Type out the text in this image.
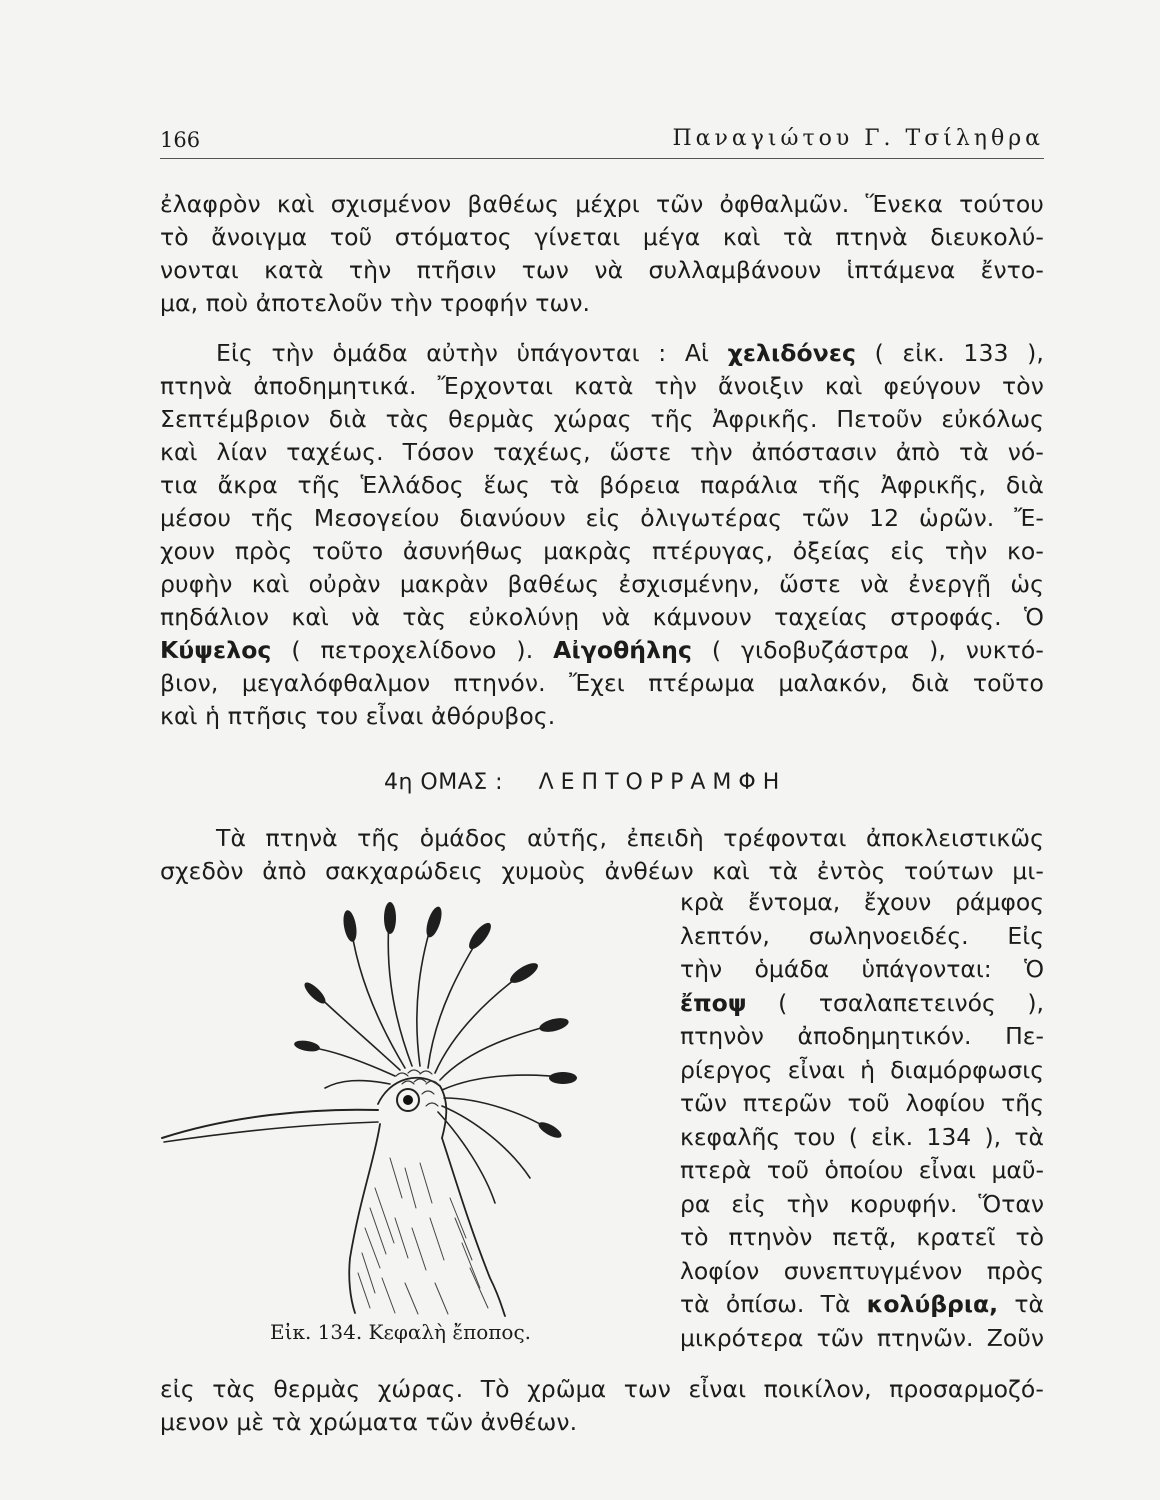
166	Παναγιώτου Γ. Τσίληθρα
ἐλαφρὸν καὶ σχισμένον βαθέως μέχρι τῶν ὀφθαλμῶν. Ἕνεκα τούτου
τὸ ἄνοιγμα τοῦ στόματος γίνεται μέγα καὶ τὰ πτηνὰ διευκολύ-
νονται κατὰ τὴν πτῆσιν των νὰ συλλαμβάνουν ἱπτάμενα ἔντο-
μα, ποὺ ἀποτελοῦν τὴν τροφήν των.
Εἰς τὴν ὁμάδα αὐτὴν ὑπάγονται : Αἱ χελιδόνες ( εἰκ. 133 ),
πτηνὰ ἀποδημητικά. Ἔρχονται κατὰ τὴν ἄνοιξιν καὶ φεύγουν τὸν
Σεπτέμβριον διὰ τὰς θερμὰς χώρας τῆς Ἀφρικῆς. Πετοῦν εὐκόλως
καὶ λίαν ταχέως. Τόσον ταχέως, ὥστε τὴν ἀπόστασιν ἀπὸ τὰ νό-
τια ἄκρα τῆς Ἑλλάδος ἕως τὰ βόρεια παράλια τῆς Ἀφρικῆς, διὰ
μέσου τῆς Μεσογείου διανύουν εἰς ὀλιγωτέρας τῶν 12 ὡρῶν. Ἔ-
χουν πρὸς τοῦτο ἀσυνήθως μακρὰς πτέρυγας, ὀξείας εἰς τὴν κο-
ρυφὴν καὶ οὐρὰν μακρὰν βαθέως ἐσχισμένην, ὥστε νὰ ἐνεργῇ ὡς
πηδάλιον καὶ νὰ τὰς εὐκολύνῃ νὰ κάμνουν ταχείας στροφάς. Ὁ
Κύψελος ( πετροχελίδονο ). Αἰγοθήλης ( γιδοβυζάστρα ), νυκτό-
βιον, μεγαλόφθαλμον πτηνόν. Ἔχει πτέρωμα μαλακόν, διὰ τοῦτο
καὶ ἡ πτῆσις του εἶναι ἀθόρυβος.
4η ΟΜΑΣ : ΛΕΠΤΟΡΡΑΜΦΗ
Τὰ πτηνὰ τῆς ὁμάδος αὐτῆς, ἐπειδὴ τρέφονται ἀποκλειστικῶς
σχεδὸν ἀπὸ σακχαρώδεις χυμοὺς ἀνθέων καὶ τὰ ἐντὸς τούτων μι-
κρὰ ἔντομα, ἔχουν ράμφος
λεπτόν, σωληνοειδές. Εἰς
τὴν ὁμάδα ὑπάγονται: Ὁ
ἔποψ ( τσαλαπετεινός ),
πτηνὸν ἀποδημητικόν. Πε-
ρίεργος εἶναι ἡ διαμόρφωσις
τῶν πτερῶν τοῦ λοφίου τῆς
κεφαλῆς του ( εἰκ. 134 ), τὰ
πτερὰ τοῦ ὁποίου εἶναι μαῦ-
ρα εἰς τὴν κορυφήν. Ὅταν
τὸ πτηνὸν πετᾷ, κρατεῖ τὸ
λοφίον συνεπτυγμένον πρὸς
τὰ ὀπίσω. Τὰ κολύβρια, τὰ
μικρότερα τῶν πτηνῶν. Ζοῦν
εἰς τὰς θερμὰς χώρας. Τὸ χρῶμα των εἶναι ποικίλον, προσαρμοζό-
μενον μὲ τὰ χρώματα τῶν ἀνθέων.
Εἰκ. 134. Κεφαλὴ ἔποπος.
